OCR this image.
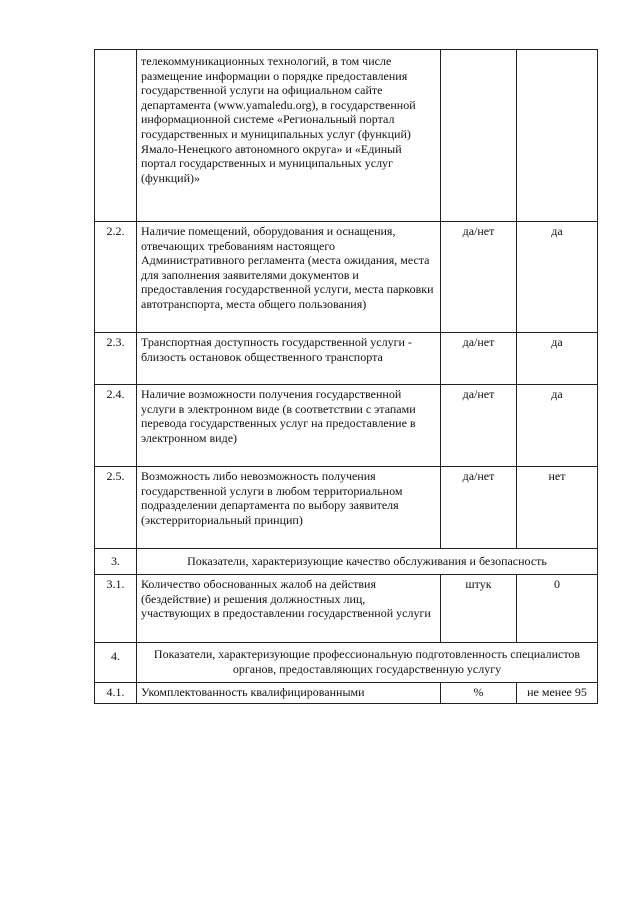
	телекоммуникационных технологий, в том числе размещение информации о порядке предоставления государственной услуги на официальном сайте департамента (www.yamaledu.org), в государственной информационной системе «Региональный портал государственных и муниципальных услуг (функций) Ямало-Ненецкого автономного округа» и «Единый портал государственных и муниципальных услуг (функций)»		
2.2.	Наличие помещений, оборудования и оснащения, отвечающих требованиям настоящего Административного регламента (места ожидания, места для заполнения заявителями документов и предоставления государственной услуги, места парковки автотранспорта, места общего пользования)	да/нет	да
2.3.	Транспортная доступность государственной услуги - близость остановок общественного транспорта	да/нет	да
2.4.	Наличие возможности получения государственной услуги в электронном виде (в соответствии с этапами перевода государственных услуг на предоставление в электронном виде)	да/нет	да
2.5.	Возможность либо невозможность получения государственной услуги в любом территориальном подразделении департамента по выбору заявителя (экстерриториальный принцип)	да/нет	нет
3.	Показатели, характеризующие качество обслуживания и безопасность		
3.1.	Количество обоснованных жалоб на действия (бездействие) и решения должностных лиц, участвующих в предоставлении государственной услуги	штук	0
4.	Показатели, характеризующие профессиональную подготовленность специалистов органов, предоставляющих государственную услугу		
4.1.	Укомплектованность квалифицированными	%	не менее 95
